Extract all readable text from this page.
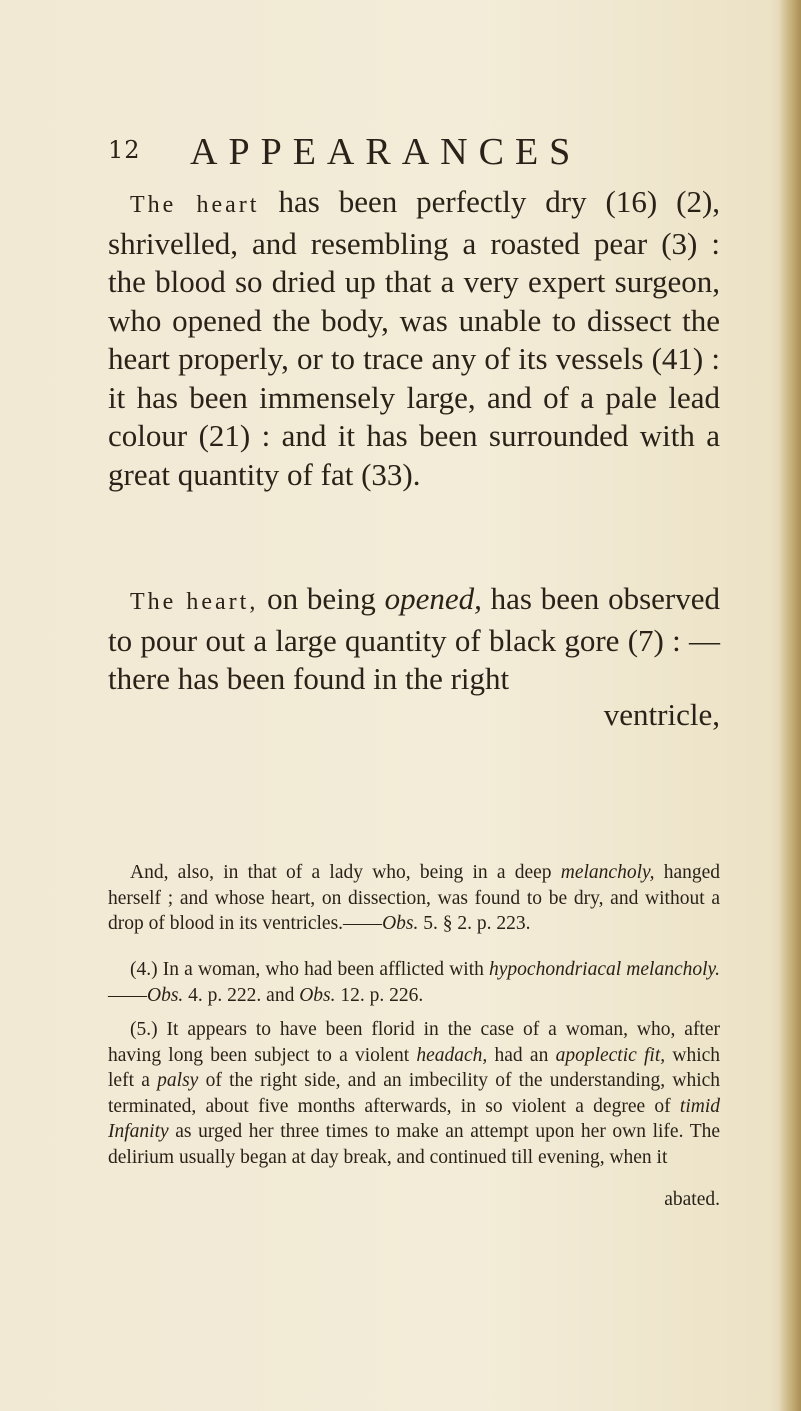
12 APPEARANCES

The heart has been perfectly dry (16) (2), shrivelled, and resembling a roasted pear (3) : the blood so dried up that a very expert surgeon, who opened the body, was unable to dissect the heart properly, or to trace any of its vessels (41) : it has been immensely large, and of a pale lead colour (21) : and it has been surrounded with a great quantity of fat (33).

The heart, on being opened, has been observed to pour out a large quantity of black gore (7) : —there has been found in the right

ventricle,

And, also, in that of a lady who, being in a deep melancholy, hanged herself ; and whose heart, on dissection, was found to be dry, and without a drop of blood in its ventricles.——Obs. 5. § 2. p. 223.

(4.) In a woman, who had been afflicted with hypochondriacal melancholy.——Obs. 4. p. 222. and Obs. 12. p. 226.

(5.) It appears to have been florid in the case of a woman, who, after having long been subject to a violent headach, had an apoplectic fit, which left a palsy of the right side, and an imbecility of the understanding, which terminated, about five months afterwards, in so violent a degree of timid Infanity as urged her three times to make an attempt upon her own life. The delirium usually began at day break, and continued till evening, when it

abated.
